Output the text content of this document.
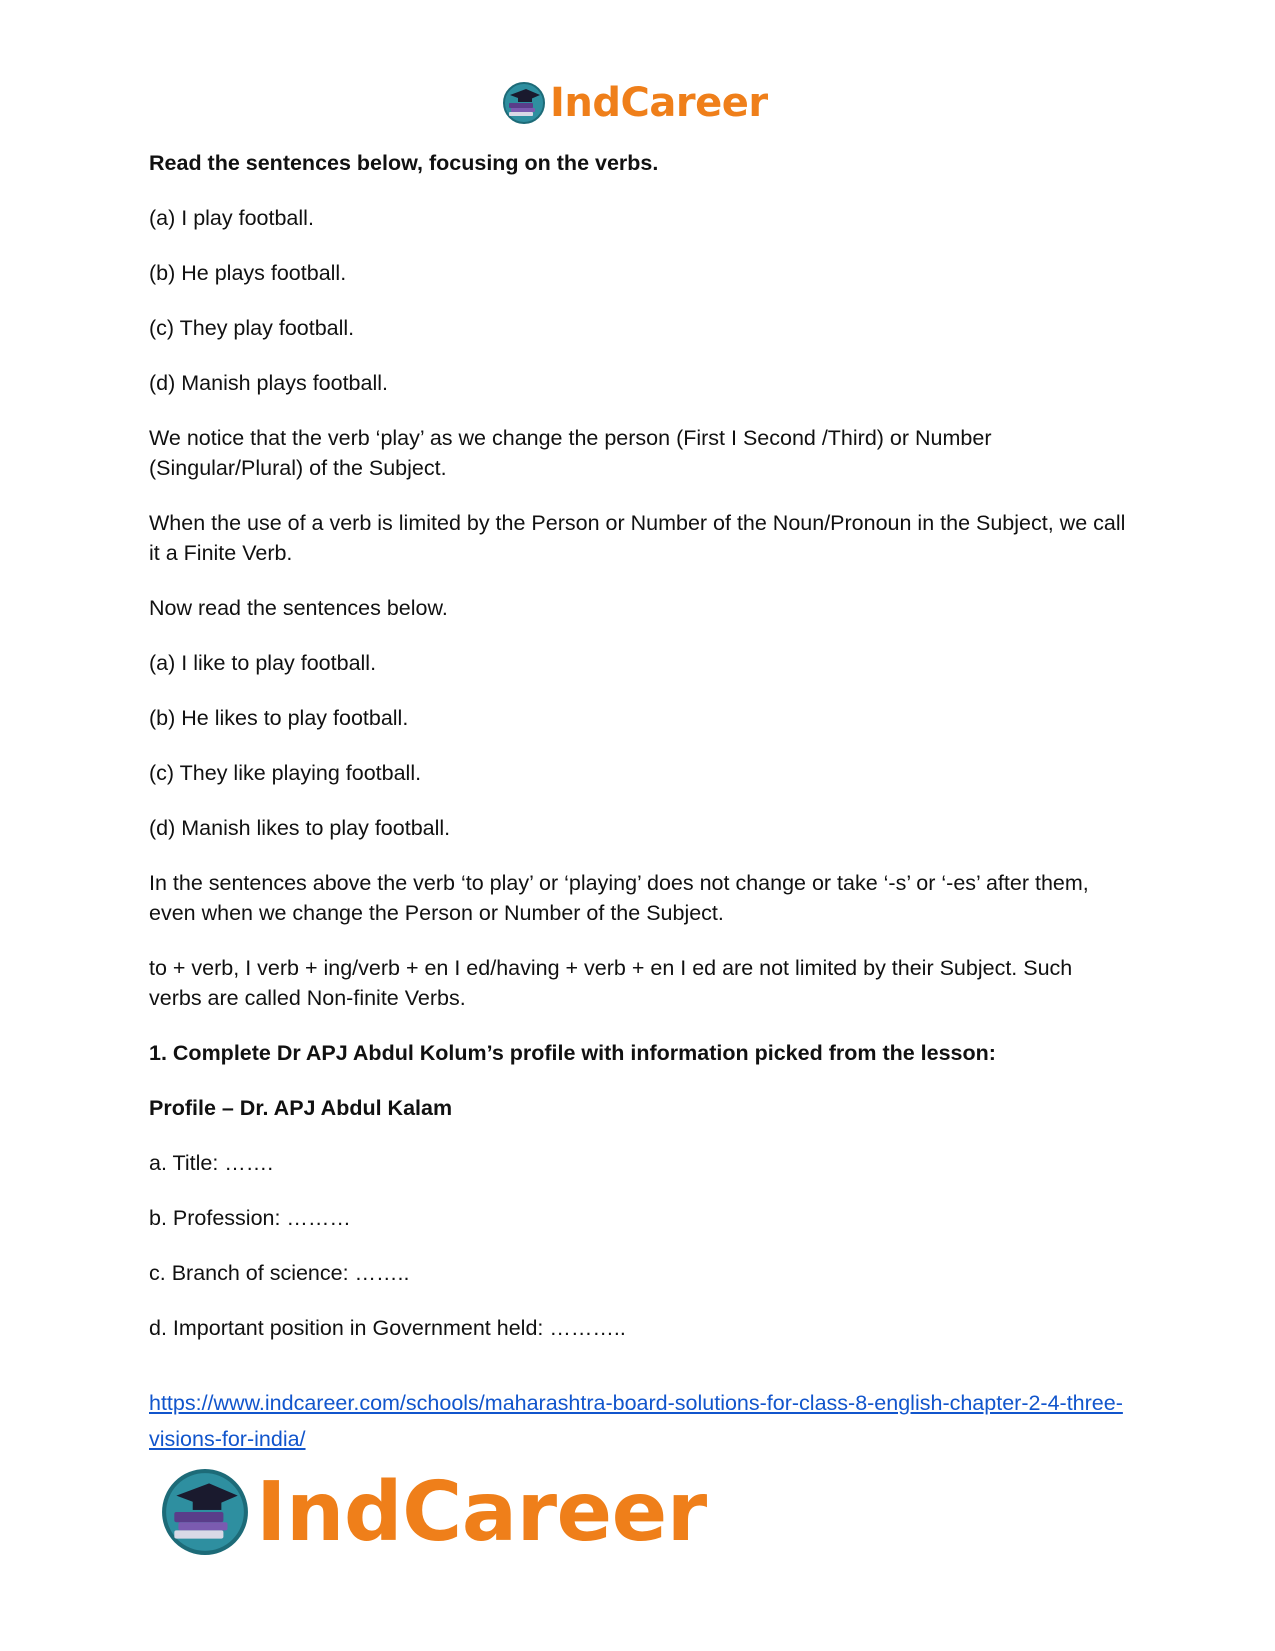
IndCareer

Read the sentences below, focusing on the verbs.

(a) I play football.

(b) He plays football.

(c) They play football.

(d) Manish plays football.

We notice that the verb ‘play’ as we change the person (First I Second /Third) or Number (Singular/Plural) of the Subject.

When the use of a verb is limited by the Person or Number of the Noun/Pronoun in the Subject, we call it a Finite Verb.

Now read the sentences below.

(a) I like to play football.

(b) He likes to play football.

(c) They like playing football.

(d) Manish likes to play football.

In the sentences above the verb ‘to play’ or ‘playing’ does not change or take ‘-s’ or ‘-es’ after them, even when we change the Person or Number of the Subject.

to + verb, I verb + ing/verb + en I ed/having + verb + en I ed are not limited by their Subject. Such verbs are called Non-finite Verbs.

1. Complete Dr APJ Abdul Kolum’s profile with information picked from the lesson:

Profile – Dr. APJ Abdul Kalam

a. Title: …….

b. Profession: ………

c. Branch of science: ……..

d. Important position in Government held: ………..

https://www.indcareer.com/schools/maharashtra-board-solutions-for-class-8-english-chapter-2-4-three-visions-for-india/
IndCareer
